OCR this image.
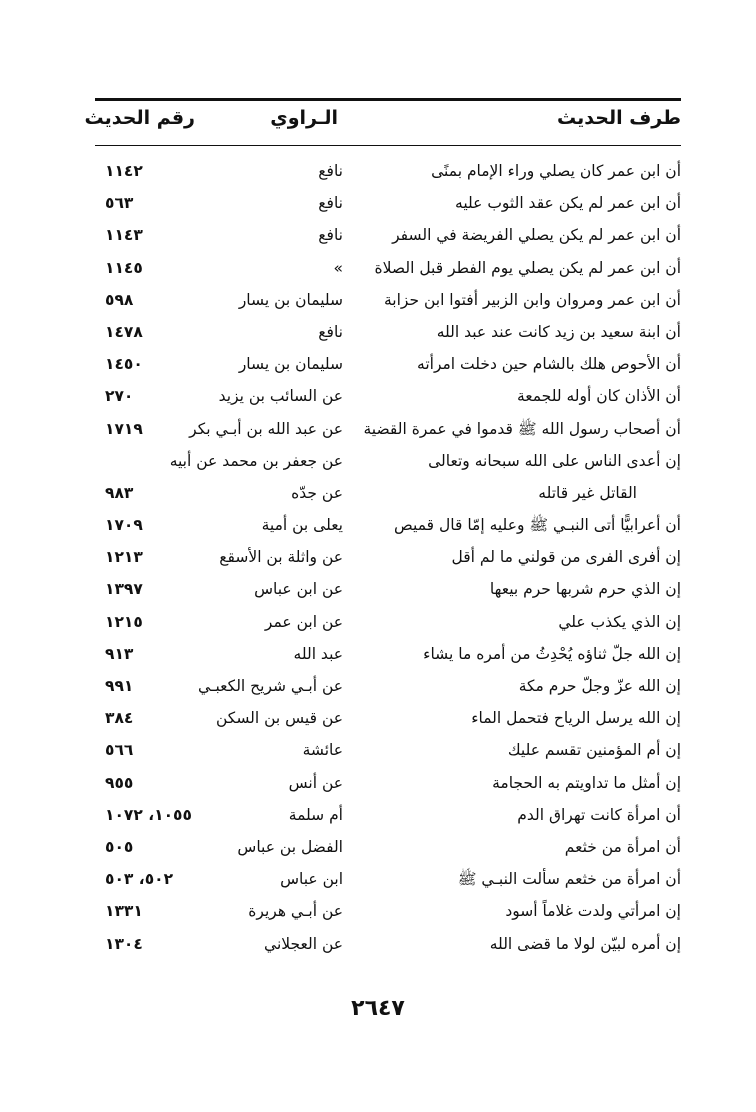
طرف الحديث
الـراوي
رقم الحديث
أن ابن عمر كان يصلي وراء الإمام بمنًى
نافع
١١٤٢
أن ابن عمر لم يكن عقد الثوب عليه
نافع
٥٦٣
أن ابن عمر لم يكن يصلي الفريضة في السفر
نافع
١١٤٣
أن ابن عمر لم يكن يصلي يوم الفطر قبل الصلاة
»
١١٤٥
أن ابن عمر ومروان وابن الزبير أفتوا ابن حزابة
سليمان بن يسار
٥٩٨
أن ابنة سعيد بن زيد كانت عند عبد الله
نافع
١٤٧٨
أن الأحوص هلك بالشام حين دخلت امرأته
سليمان بن يسار
١٤٥٠
أن الأذان كان أوله للجمعة
عن السائب بن يزيد
٢٧٠
أن أصحاب رسول الله ﷺ قدموا في عمرة القضية
عن عبد الله بن أبـي بكر
١٧١٩
إن أعدى الناس على الله سبحانه وتعالى
عن جعفر بن محمد عن أبيه
القاتل غير قاتله
عن جدّه
٩٨٣
أن أعرابيًّا أتى النبـي ﷺ وعليه إمّا قال قميص
يعلى بن أمية
١٧٠٩
إن أفرى الفرى من قولني ما لم أقل
عن واثلة بن الأسقع
١٢١٣
إن الذي حرم شربها حرم بيعها
عن ابن عباس
١٣٩٧
إن الذي يكذب علي
عن ابن عمر
١٢١٥
إن الله جلّ ثناؤه يُحْدِثُ من أمره ما يشاء
عبد الله
٩١٣
إن الله عزّ وجلّ حرم مكة
عن أبـي شريح الكعبـي
٩٩١
إن الله يرسل الرياح فتحمل الماء
عن قيس بن السكن
٣٨٤
إن أم المؤمنين تقسم عليك
عائشة
٥٦٦
إن أمثل ما تداويتم به الحجامة
عن أنس
٩٥٥
أن امرأة كانت تهراق الدم
أم سلمة
١٠٥٥، ١٠٧٢
أن امرأة من خثعم
الفضل بن عباس
٥٠٥
أن امرأة من خثعم سألت النبـي ﷺ
ابن عباس
٥٠٢، ٥٠٣
إن امرأتي ولدت غلاماً أسود
عن أبـي هريرة
١٣٣١
إن أمره لبيّن لولا ما قضى الله
عن العجلاني
١٣٠٤
٢٦٤٧
